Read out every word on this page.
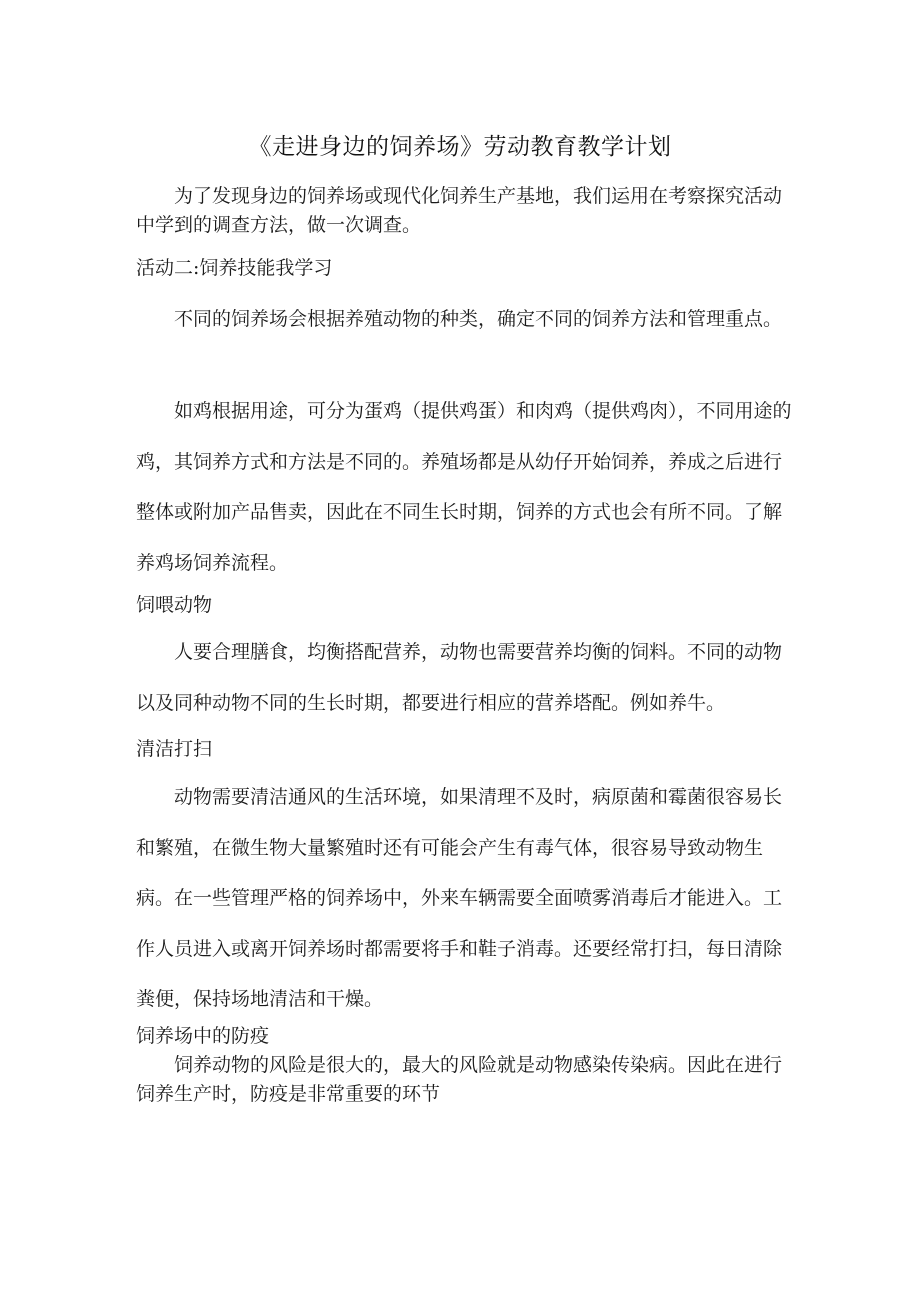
《走进身边的饲养场》劳动教育教学计划

为了发现身边的饲养场或现代化饲养生产基地，我们运用在考察探究活动中学到的调查方法，做一次调查。

活动二:饲养技能我学习

不同的饲养场会根据养殖动物的种类，确定不同的饲养方法和管理重点。

如鸡根据用途，可分为蛋鸡（提供鸡蛋）和肉鸡（提供鸡肉），不同用途的鸡，其饲养方式和方法是不同的。养殖场都是从幼仔开始饲养，养成之后进行整体或附加产品售卖，因此在不同生长时期，饲养的方式也会有所不同。了解养鸡场饲养流程。

饲喂动物

人要合理膳食，均衡搭配营养，动物也需要营养均衡的饲料。不同的动物以及同种动物不同的生长时期，都要进行相应的营养塔配。例如养牛。

清洁打扫

动物需要清洁通风的生活环境，如果清理不及时，病原菌和霉菌很容易长和繁殖，在微生物大量繁殖时还有可能会产生有毒气体，很容易导致动物生病。在一些管理严格的饲养场中，外来车辆需要全面喷雾消毒后才能进入。工作人员进入或离开饲养场时都需要将手和鞋子消毒。还要经常打扫，每日清除粪便，保持场地清洁和干燥。

饲养场中的防疫

饲养动物的风险是很大的，最大的风险就是动物感染传染病。因此在进行饲养生产时，防疫是非常重要的环节
